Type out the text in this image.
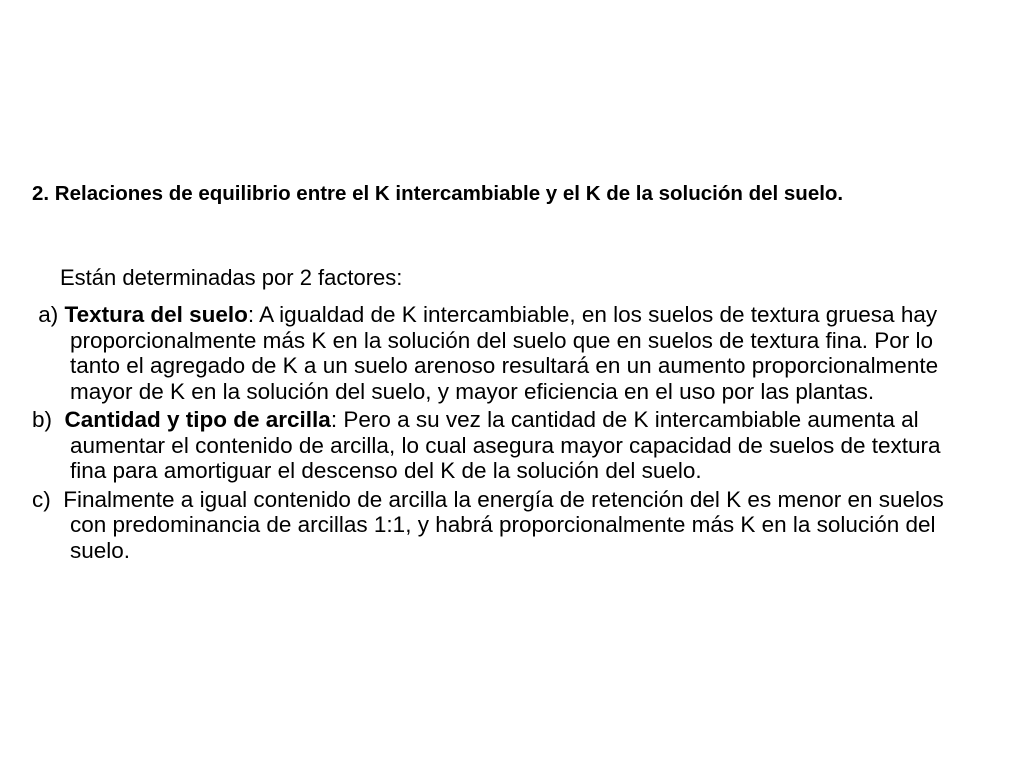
2. Relaciones de equilibrio entre el K intercambiable y el K de la solución del suelo.

Están determinadas por 2 factores:

a) Textura del suelo: A igualdad de K intercambiable, en los suelos de textura gruesa hay proporcionalmente más K en la solución del suelo que en suelos de textura fina. Por lo tanto el agregado de K a un suelo arenoso resultará en un aumento proporcionalmente mayor de K en la solución del suelo, y mayor eficiencia en el uso por las plantas.
b)  Cantidad y tipo de arcilla: Pero a su vez la cantidad de K intercambiable aumenta al aumentar el contenido de arcilla, lo cual asegura mayor capacidad de suelos de textura fina para amortiguar el descenso del K de la solución del suelo.
c)  Finalmente a igual contenido de arcilla la energía de retención del K es menor en suelos con predominancia de arcillas 1:1, y habrá proporcionalmente más K en la solución del suelo.
